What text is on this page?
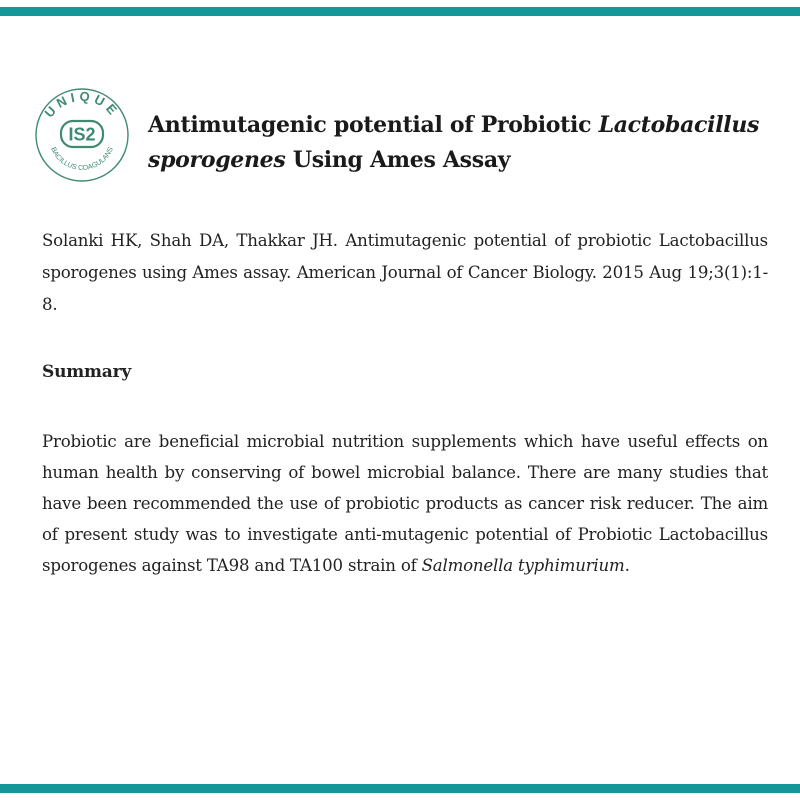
UNIQUE
IS2
BACILLUS COAGULANS
Antimutagenic potential of Probiotic Lactobacillus sporogenes Using Ames Assay

Solanki HK, Shah DA, Thakkar JH. Antimutagenic potential of probiotic Lactobacillus sporogenes using Ames assay. American Journal of Cancer Biology. 2015 Aug 19;3(1):1-8.

Summary

Probiotic are beneficial microbial nutrition supplements which have useful effects on human health by conserving of bowel microbial balance. There are many studies that have been recommended the use of probiotic products as cancer risk reducer. The aim of present study was to investigate anti-mutagenic potential of Probiotic Lactobacillus sporogenes against TA98 and TA100 strain of Salmonella typhimurium.
